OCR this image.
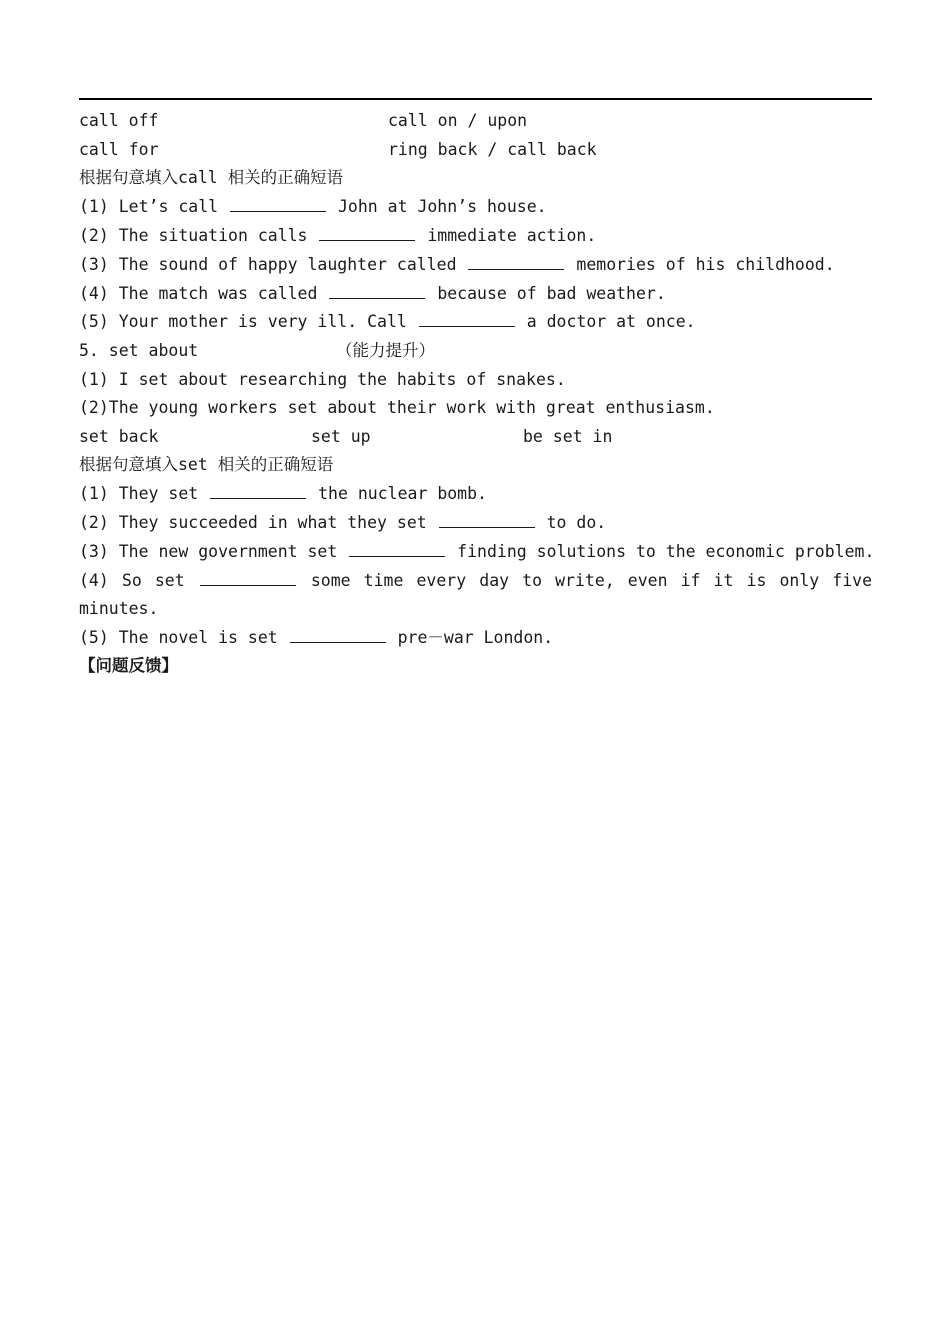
call off	call on / upon
call for	ring back / call back
根据句意填入call 相关的正确短语
(1) Let’s call	John at John’s house.
(2) The situation calls	immediate action.
(3) The sound of happy laughter called	memories of his childhood.
(4) The match was called	because of bad weather.
(5) Your mother is very ill. Call	a doctor at once.
5. set about	（能力提升）
(1) I set about researching the habits of snakes.
(2)The young workers set about their work with great enthusiasm.
set back	set up	be set in
根据句意填入set 相关的正确短语
(1) They set	the nuclear bomb.
(2) They succeeded in what they set	to do.
(3) The new government set	finding solutions to the economic problem.
(4) So set	some time every day to write, even if it is only five
minutes.
(5) The novel is set	pre－war London.
【问题反馈】
